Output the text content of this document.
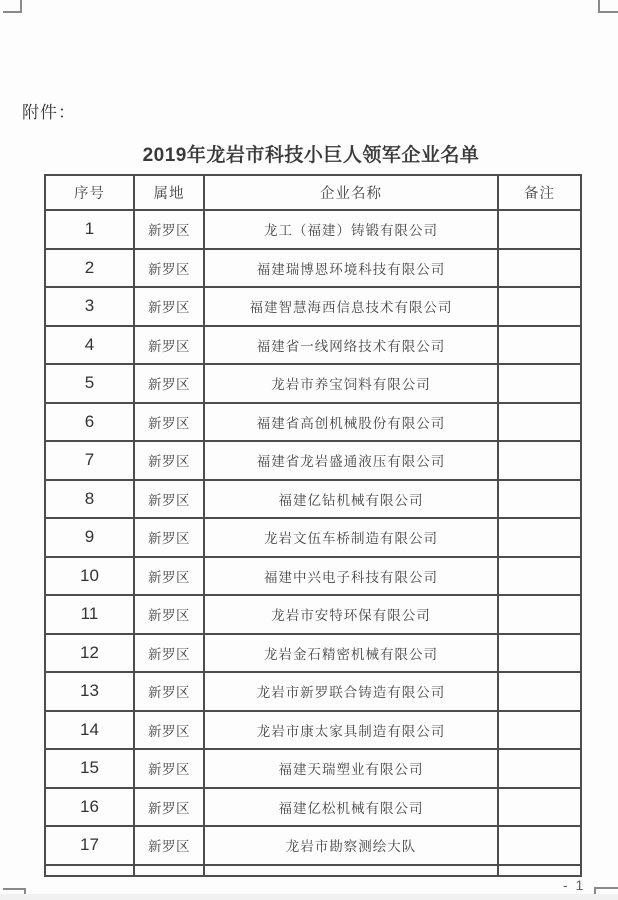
附件：
2019年龙岩市科技小巨人领军企业名单
序号	属地	企业名称	备注
1	新罗区	龙工（福建）铸锻有限公司	
2	新罗区	福建瑞博恩环境科技有限公司	
3	新罗区	福建智慧海西信息技术有限公司	
4	新罗区	福建省一线网络技术有限公司	
5	新罗区	龙岩市养宝饲料有限公司	
6	新罗区	福建省高创机械股份有限公司	
7	新罗区	福建省龙岩盛通液压有限公司	
8	新罗区	福建亿钻机械有限公司	
9	新罗区	龙岩文伍车桥制造有限公司	
10	新罗区	福建中兴电子科技有限公司	
11	新罗区	龙岩市安特环保有限公司	
12	新罗区	龙岩金石精密机械有限公司	
13	新罗区	龙岩市新罗联合铸造有限公司	
14	新罗区	龙岩市康太家具制造有限公司	
15	新罗区	福建天瑞塑业有限公司	
16	新罗区	福建亿松机械有限公司	
17	新罗区	龙岩市勘察测绘大队	

- 1
